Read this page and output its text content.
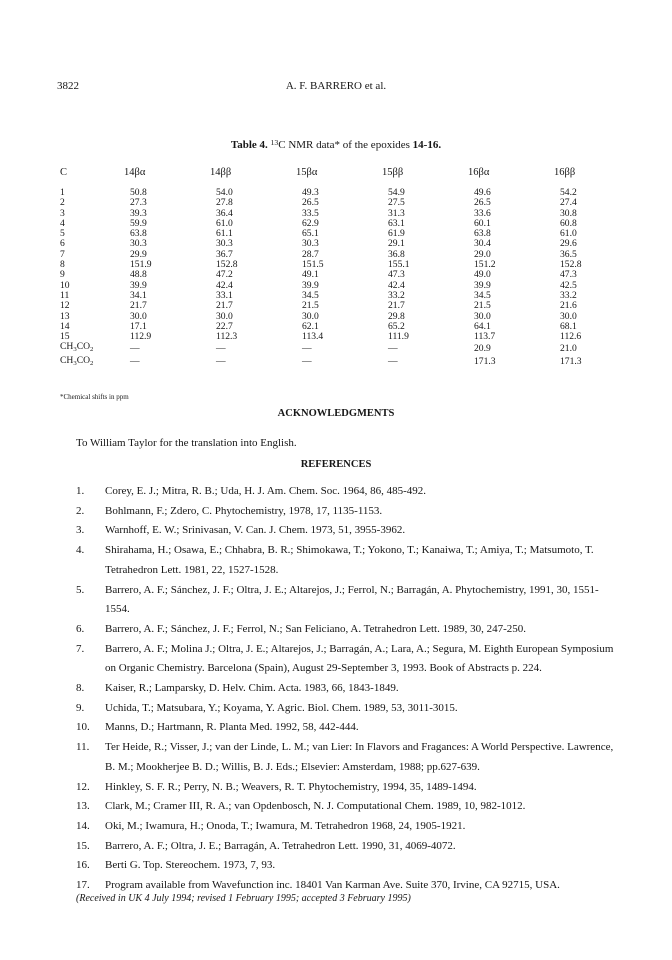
3822	A. F. BARRERO et al.
Table 4. $^{13}$C NMR data* of the epoxides 14-16.
C	14βα	14ββ	15βα	15ββ	16βα	16ββ
1	50.8	54.0	49.3	54.9	49.6	54.2
2	27.3	27.8	26.5	27.5	26.5	27.4
3	39.3	36.4	33.5	31.3	33.6	30.8
4	59.9	61.0	62.9	63.1	60.1	60.8
5	63.8	61.1	65.1	61.9	63.8	61.0
6	30.3	30.3	30.3	29.1	30.4	29.6
7	29.9	36.7	28.7	36.8	29.0	36.5
8	151.9	152.8	151.5	155.1	151.2	152.8
9	48.8	47.2	49.1	47.3	49.0	47.3
10	39.9	42.4	39.9	42.4	39.9	42.5
11	34.1	33.1	34.5	33.2	34.5	33.2
12	21.7	21.7	21.5	21.7	21.5	21.6
13	30.0	30.0	30.0	29.8	30.0	30.0
14	17.1	22.7	62.1	65.2	64.1	68.1
15	112.9	112.3	113.4	111.9	113.7	112.6
$CH_3CO_2$	—	—	—	—	20.9	21.0
$CH_3CO_2$	—	—	—	—	171.3	171.3
*Chemical shifts in ppm
ACKNOWLEDGMENTS
To William Taylor for the translation into English.
REFERENCES
1. Corey, E. J.; Mitra, R. B.; Uda, H. J. Am. Chem. Soc. 1964, 86, 485-492.
2. Bohlmann, F.; Zdero, C. Phytochemistry, 1978, 17, 1135-1153.
3. Warnhoff, E. W.; Srinivasan, V. Can. J. Chem. 1973, 51, 3955-3962.
4. Shirahama, H.; Osawa, E.; Chhabra, B. R.; Shimokawa, T.; Yokono, T.; Kanaiwa, T.; Amiya, T.; Matsumoto, T. Tetrahedron Lett. 1981, 22, 1527-1528.
5. Barrero, A. F.; Sánchez, J. F.; Oltra, J. E.; Altarejos, J.; Ferrol, N.; Barragán, A. Phytochemistry, 1991, 30, 1551-1554.
6. Barrero, A. F.; Sánchez, J. F.; Ferrol, N.; San Feliciano, A. Tetrahedron Lett. 1989, 30, 247-250.
7. Barrero, A. F.; Molina J.; Oltra, J. E.; Altarejos, J.; Barragán, A.; Lara, A.; Segura, M. Eighth European Symposium on Organic Chemistry. Barcelona (Spain), August 29-September 3, 1993. Book of Abstracts p. 224.
8. Kaiser, R.; Lamparsky, D. Helv. Chim. Acta. 1983, 66, 1843-1849.
9. Uchida, T.; Matsubara, Y.; Koyama, Y. Agric. Biol. Chem. 1989, 53, 3011-3015.
10. Manns, D.; Hartmann, R. Planta Med. 1992, 58, 442-444.
11. Ter Heide, R.; Visser, J.; van der Linde, L. M.; van Lier: In Flavors and Fragances: A World Perspective. Lawrence, B. M.; Mookherjee B. D.; Willis, B. J. Eds.; Elsevier: Amsterdam, 1988; pp.627-639.
12. Hinkley, S. F. R.; Perry, N. B.; Weavers, R. T. Phytochemistry, 1994, 35, 1489-1494.
13. Clark, M.; Cramer III, R. A.; van Opdenbosch, N. J. Computational Chem. 1989, 10, 982-1012.
14. Oki, M.; Iwamura, H.; Onoda, T.; Iwamura, M. Tetrahedron 1968, 24, 1905-1921.
15. Barrero, A. F.; Oltra, J. E.; Barragán, A. Tetrahedron Lett. 1990, 31, 4069-4072.
16. Berti G. Top. Stereochem. 1973, 7, 93.
17. Program available from Wavefunction inc. 18401 Van Karman Ave. Suite 370, Irvine, CA 92715, USA.
(Received in UK 4 July 1994; revised 1 February 1995; accepted 3 February 1995)
